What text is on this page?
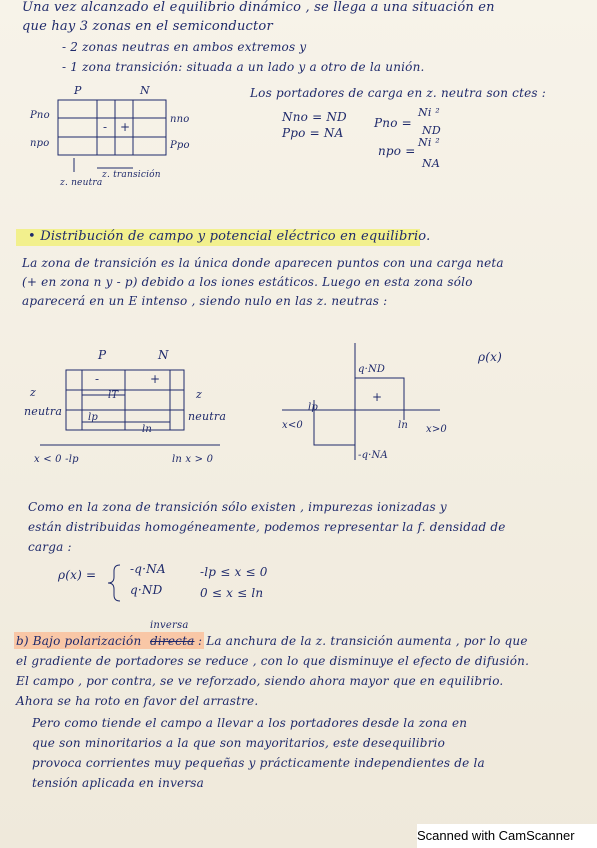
Una vez alcanzado el equilibrio dinámico , se llega a una situación en
que hay 3 zonas en el semiconductor
- 2 zonas neutras en ambos extremos y
- 1 zona transición: situada a un lado y a otro de la unión.
P	N
Pno
npo
nno
Ppo
- +
z. transición
z. neutra
Los portadores de carga en z. neutra son ctes :
Nno = ND
Ppo = NA
Pno =
Ni ²
ND
npo =
Ni ²
NA
• Distribución de campo y potencial eléctrico en equilibrio.
La zona de transición es la única donde aparecen puntos con una carga neta
(+ en zona n y - p) debido a los iones estáticos. Luego en esta zona sólo
aparecerá en un E intenso , siendo nulo en las z. neutras :
P	N
-	+
lT
lp
ln
z
neutra
z
neutra
x < 0 -lp	ln x > 0
ρ(x)
q·ND
+
lp
ln
x<0	x>0
-q·NA
Como en la zona de transición sólo existen , impurezas ionizadas y
están distribuidas homogéneamente, podemos representar la f. densidad de
carga :
ρ(x) =	-q·NA
q·ND
-lp ≤ x ≤ 0
0 ≤ x ≤ ln
b) Bajo polarización directa
inversa
: La anchura de la z. transición aumenta , por lo que
el gradiente de portadores se reduce , con lo que disminuye el efecto de difusión.
El campo , por contra, se ve reforzado, siendo ahora mayor que en equilibrio.
Ahora se ha roto en favor del arrastre.
Pero como tiende el campo a llevar a los portadores desde la zona en
que son minoritarios a la que son mayoritarios, este desequilibrio
provoca corrientes muy pequeñas y prácticamente independientes de la
tensión aplicada en inversa
Scanned with CamScanner
